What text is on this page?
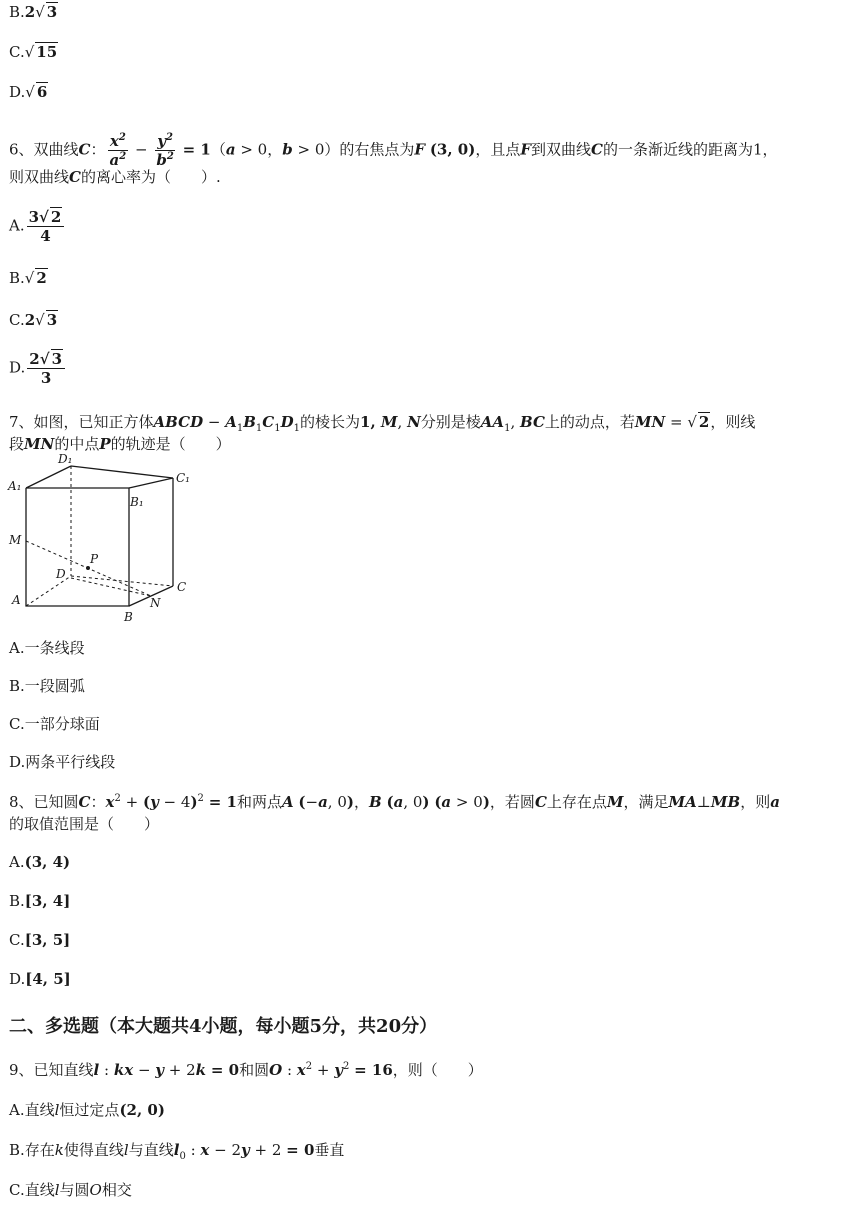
B.2√ 3
C.√ 15
D.√ 6
6、双曲线C： $\frac{x^2}{a^2} - \frac{y^2}{b^2} = 1(a > 0$，b > 0）的右焦点为F (3, 0)，且点F到双曲线C的一条渐近线的距离为1，
则双曲线C的离心率为（　　）.
A. $\frac{3√ 2}{4}$
B.√ 2
C.2√ 3
D. $\frac{2√ 3}{3}$
7、如图，已知正方体ABCD − $A_1B_1C_1D_1$的棱长为1, M, N分别是棱$AA_1$, BC上的动点，若MN = √ 2，则线
段MN的中点P的轨迹是（　　）
D₁
C₁
A₁
B₁
M
P
D
C
A	N
B
A.一条线段
B.一段圆弧
C.一部分球面
D.两条平行线段
8、已知圆C：$x^2 + (y - 4)^2 = 1$和两点A (−a, 0)，B (a, 0) (a > 0)，若圆C上存在点M，满足MA⊥MB，则a
的取值范围是（　　）
A.(3, 4)
B.[3, 4]
C.[3, 5]
D.[4, 5]
二、多选题（本大题共4小题，每小题5分，共20分）
9、已知直线l : kx − y + 2k = 0和圆O : $x^2 + y^2 = 16$，则（　　）
A.直线l恒过定点(2, 0)
B.存在k使得直线l与直线$l_0$ : x − 2y + 2 = 0垂直
C.直线l与圆O相交
